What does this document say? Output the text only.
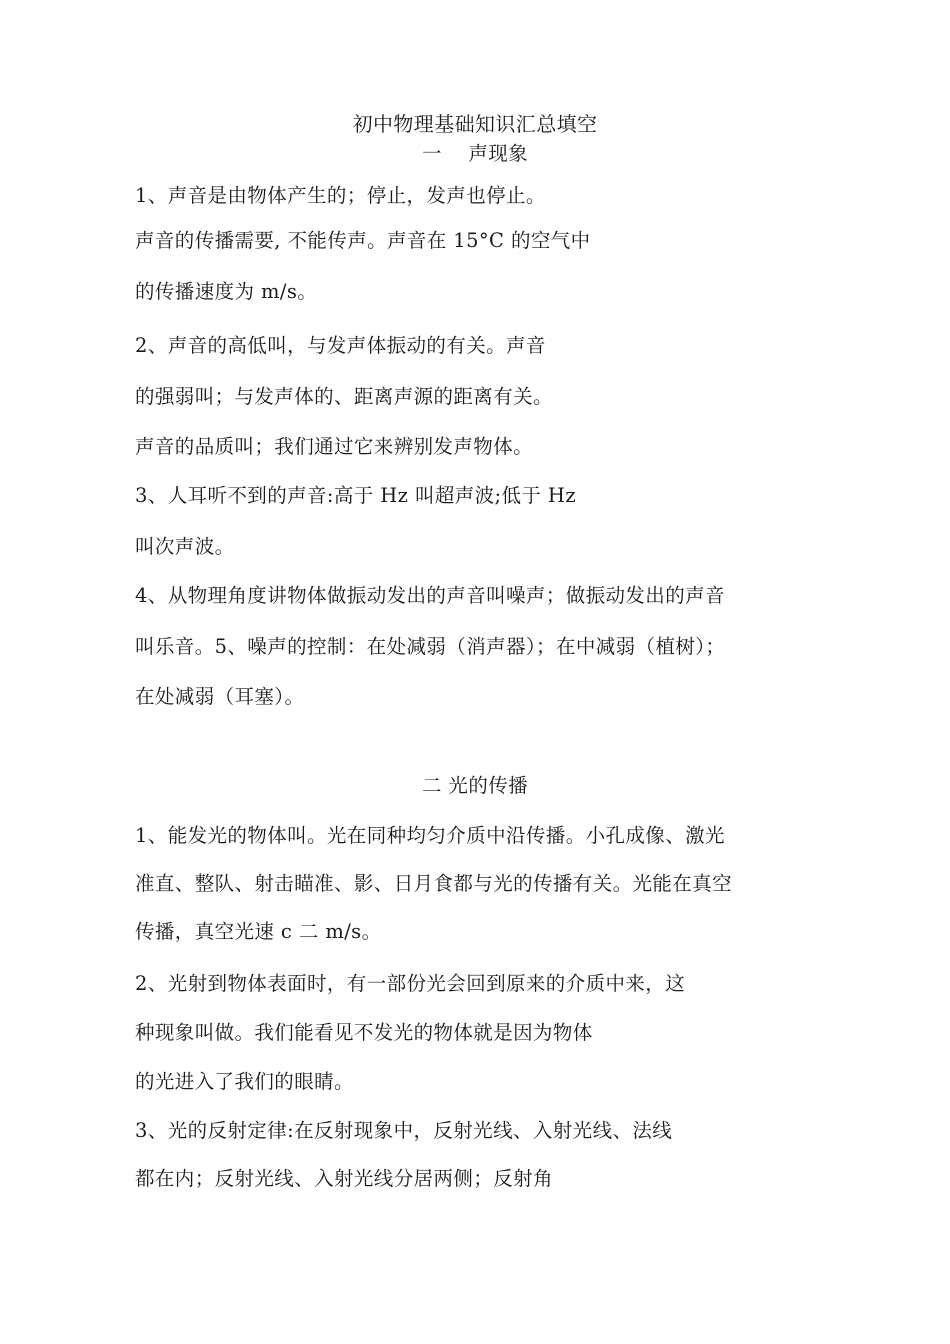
初中物理基础知识汇总填空
一　 声现象
1、声音是由物体产生的；停止，发声也停止。
声音的传播需要, 不能传声。声音在 15°C 的空气中
的传播速度为 m/s。
2、声音的高低叫，与发声体振动的有关。声音
的强弱叫；与发声体的、距离声源的距离有关。
声音的品质叫；我们通过它来辨别发声物体。
3、人耳听不到的声音:高于 Hz 叫超声波;低于 Hz
叫次声波。
4、从物理角度讲物体做振动发出的声音叫噪声；做振动发出的声音
叫乐音。5、噪声的控制：在处减弱（消声器）；在中减弱（植树）；
在处减弱（耳塞）。
二 光的传播
1、能发光的物体叫。光在同种均匀介质中沿传播。小孔成像、激光
准直、整队、射击瞄准、影、日月食都与光的传播有关。光能在真空
传播，真空光速 c 二 m/s。
2、光射到物体表面时，有一部份光会回到原来的介质中来，这
种现象叫做。我们能看见不发光的物体就是因为物体
的光进入了我们的眼睛。
3、光的反射定律:在反射现象中，反射光线、入射光线、法线
都在内；反射光线、入射光线分居两侧；反射角
